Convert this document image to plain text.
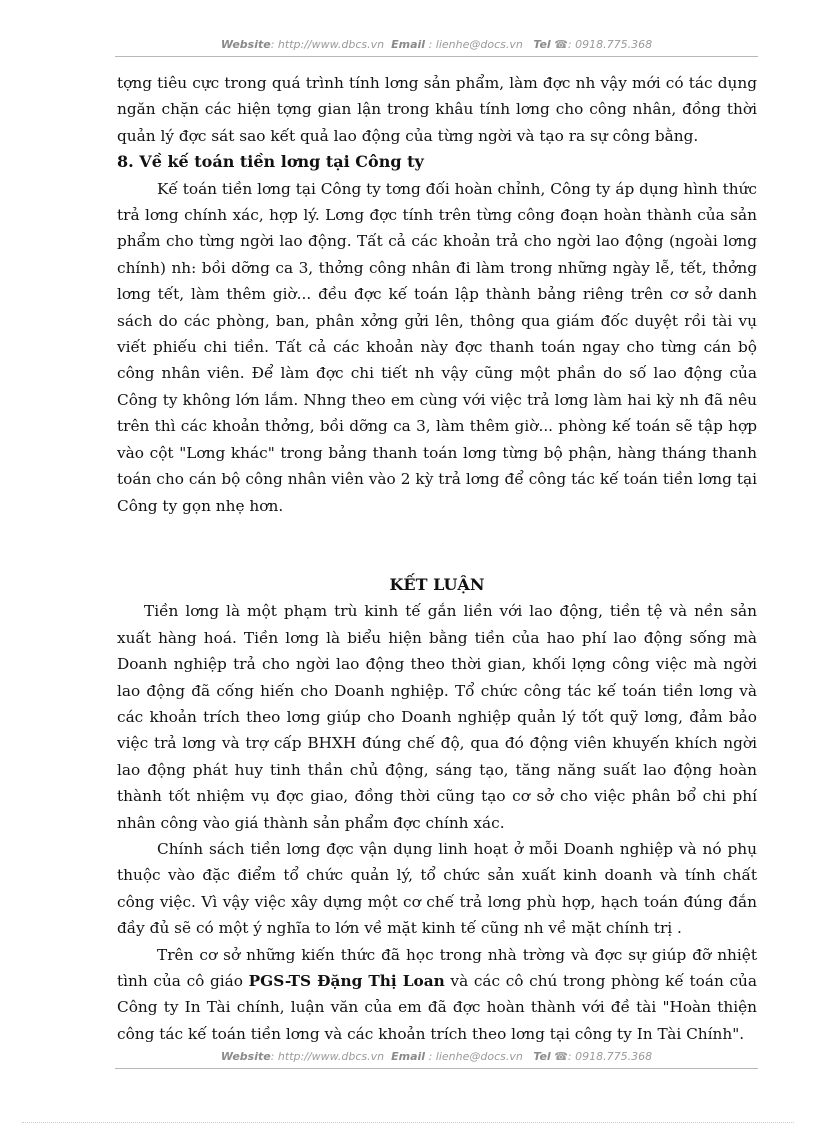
Website: http://www.dbcs.vn Email : lienhe@docs.vn Tel ☎: 0918.775.368

tợng tiêu cực trong quá trình tính lơng sản phẩm, làm đợc nh vậy mới có tác dụng ngăn chặn các hiện tợng gian lận trong khâu tính lơng cho công nhân, đồng thời quản lý đợc sát sao kết quả lao động của từng ngời và tạo ra sự công bằng.

8. Về kế toán tiền lơng tại Công ty

Kế toán tiền lơng tại Công ty tơng đối hoàn chỉnh, Công ty áp dụng hình thức trả lơng chính xác, hợp lý. Lơng đợc tính trên từng công đoạn hoàn thành của sản phẩm cho từng ngời lao động. Tất cả các khoản trả cho ngời lao động (ngoài lơng chính) nh: bồi dỡng ca 3, thởng công nhân đi làm trong những ngày lễ, tết, thởng lơng tết, làm thêm giờ... đều đợc kế toán lập thành bảng riêng trên cơ sở danh sách do các phòng, ban, phân xởng gửi lên, thông qua giám đốc duyệt rồi tài vụ viết phiếu chi tiền. Tất cả các khoản này đợc thanh toán ngay cho từng cán bộ công nhân viên. Để làm đợc chi tiết nh vậy cũng một phần do số lao động của Công ty không lớn lắm. Nhng theo em cùng với việc trả lơng làm hai kỳ nh đã nêu trên thì các khoản thởng, bồi dỡng ca 3, làm thêm giờ... phòng kế toán sẽ tập hợp vào cột "Lơng khác" trong bảng thanh toán lơng từng bộ phận, hàng tháng thanh toán cho cán bộ công nhân viên vào 2 kỳ trả lơng để công tác kế toán tiền lơng tại Công ty gọn nhẹ hơn.

KẾT LUẬN

Tiền lơng là một phạm trù kinh tế gắn liền với lao động, tiền tệ và nền sản xuất hàng hoá. Tiền lơng là biểu hiện bằng tiền của hao phí lao động sống mà Doanh nghiệp trả cho ngời lao động theo thời gian, khối lợng công việc mà ngời lao động đã cống hiến cho Doanh nghiệp. Tổ chức công tác kế toán tiền lơng và các khoản trích theo lơng giúp cho Doanh nghiệp quản lý tốt quỹ lơng, đảm bảo việc trả lơng và trợ cấp BHXH đúng chế độ, qua đó động viên khuyến khích ngời lao động phát huy tinh thần chủ động, sáng tạo, tăng năng suất lao động hoàn thành tốt nhiệm vụ đợc giao, đồng thời cũng tạo cơ sở cho việc phân bổ chi phí nhân công vào giá thành sản phẩm đợc chính xác.

Chính sách tiền lơng đợc vận dụng linh hoạt ở mỗi Doanh nghiệp và nó phụ thuộc vào đặc điểm tổ chức quản lý, tổ chức sản xuất kinh doanh và tính chất công việc. Vì vậy việc xây dựng một cơ chế trả lơng phù hợp, hạch toán đúng đắn đầy đủ sẽ có một ý nghĩa to lớn về mặt kinh tế cũng nh về mặt chính trị .

Trên cơ sở những kiến thức đã học trong nhà trờng và đợc sự giúp đỡ nhiệt tình của cô giáo PGS-TS Đặng Thị Loan và các cô chú trong phòng kế toán của Công ty In Tài chính, luận văn của em đã đợc hoàn thành với đề tài "Hoàn thiện công tác kế toán tiền lơng và các khoản trích theo lơng tại công ty In Tài Chính".

Website: http://www.dbcs.vn Email : lienhe@docs.vn Tel ☎: 0918.775.368
